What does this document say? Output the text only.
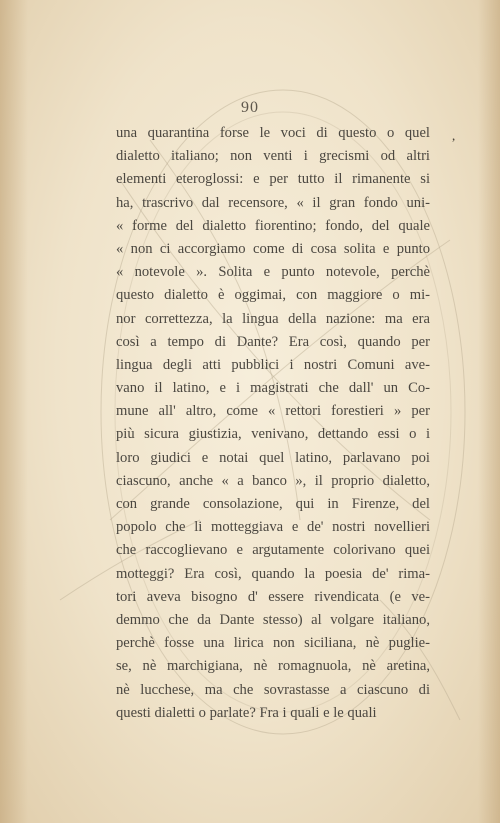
90
,
una quarantina forse le voci di questo o quel
dialetto italiano; non venti i grecismi od altri
elementi eteroglossi: e per tutto il rimanente si
ha, trascrivo dal recensore, « il gran fondo uni-
« forme del dialetto fiorentino; fondo, del quale
« non ci accorgiamo come di cosa solita e punto
« notevole ». Solita e punto notevole, perchè
questo dialetto è oggimai, con maggiore o mi-
nor correttezza, la lingua della nazione: ma era
così a tempo di Dante? Era così, quando per
lingua degli atti pubblici i nostri Comuni ave-
vano il latino, e i magistrati che dall' un Co-
mune all' altro, come « rettori forestieri » per
più sicura giustizia, venivano, dettando essi o i
loro giudici e notai quel latino, parlavano poi
ciascuno, anche « a banco », il proprio dialetto,
con grande consolazione, qui in Firenze, del
popolo che li motteggiava e de' nostri novellieri
che raccoglievano e argutamente colorivano quei
motteggi? Era così, quando la poesia de' rima-
tori aveva bisogno d' essere rivendicata (e ve-
demmo che da Dante stesso) al volgare italiano,
perchè fosse una lirica non siciliana, nè puglie-
se, nè marchigiana, nè romagnuola, nè aretina,
nè lucchese, ma che sovrastasse a ciascuno di
questi dialetti o parlate? Fra i quali e le quali
